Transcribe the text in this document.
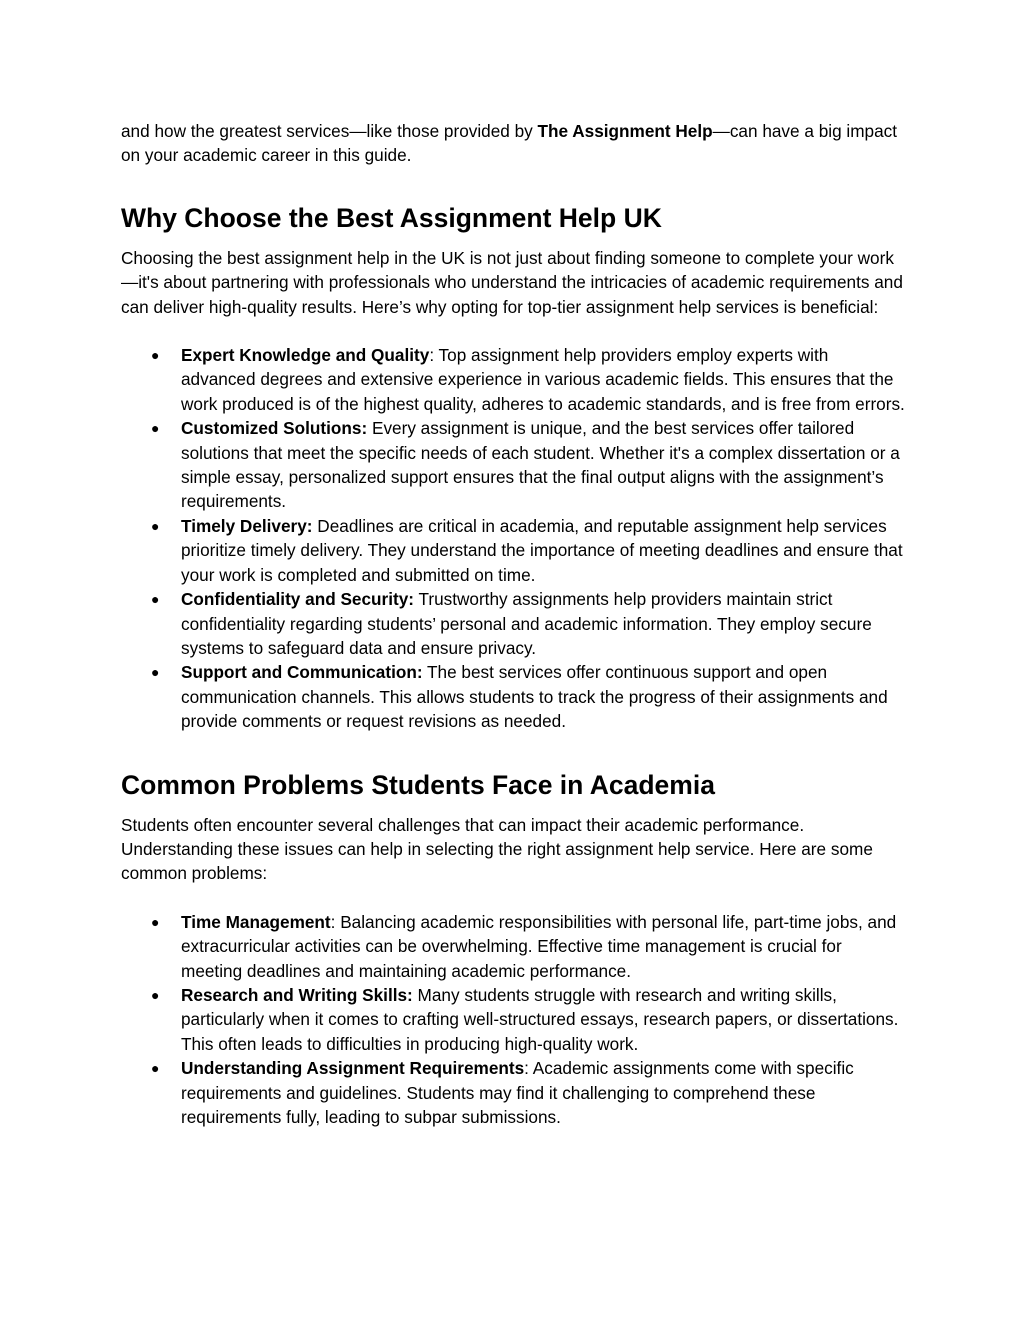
and how the greatest services—like those provided by The Assignment Help—can have a big impact on your academic career in this guide.

Why Choose the Best Assignment Help UK

Choosing the best assignment help in the UK is not just about finding someone to complete your work—it's about partnering with professionals who understand the intricacies of academic requirements and can deliver high-quality results. Here’s why opting for top-tier assignment help services is beneficial:

● Expert Knowledge and Quality: Top assignment help providers employ experts with advanced degrees and extensive experience in various academic fields. This ensures that the work produced is of the highest quality, adheres to academic standards, and is free from errors.
● Customized Solutions: Every assignment is unique, and the best services offer tailored solutions that meet the specific needs of each student. Whether it's a complex dissertation or a simple essay, personalized support ensures that the final output aligns with the assignment’s requirements.
● Timely Delivery: Deadlines are critical in academia, and reputable assignment help services prioritize timely delivery. They understand the importance of meeting deadlines and ensure that your work is completed and submitted on time.
● Confidentiality and Security: Trustworthy assignments help providers maintain strict confidentiality regarding students’ personal and academic information. They employ secure systems to safeguard data and ensure privacy.
● Support and Communication: The best services offer continuous support and open communication channels. This allows students to track the progress of their assignments and provide comments or request revisions as needed.
Common Problems Students Face in Academia

Students often encounter several challenges that can impact their academic performance. Understanding these issues can help in selecting the right assignment help service. Here are some common problems:

● Time Management: Balancing academic responsibilities with personal life, part-time jobs, and extracurricular activities can be overwhelming. Effective time management is crucial for meeting deadlines and maintaining academic performance.
● Research and Writing Skills: Many students struggle with research and writing skills, particularly when it comes to crafting well-structured essays, research papers, or dissertations. This often leads to difficulties in producing high-quality work.
● Understanding Assignment Requirements: Academic assignments come with specific requirements and guidelines. Students may find it challenging to comprehend these requirements fully, leading to subpar submissions.
